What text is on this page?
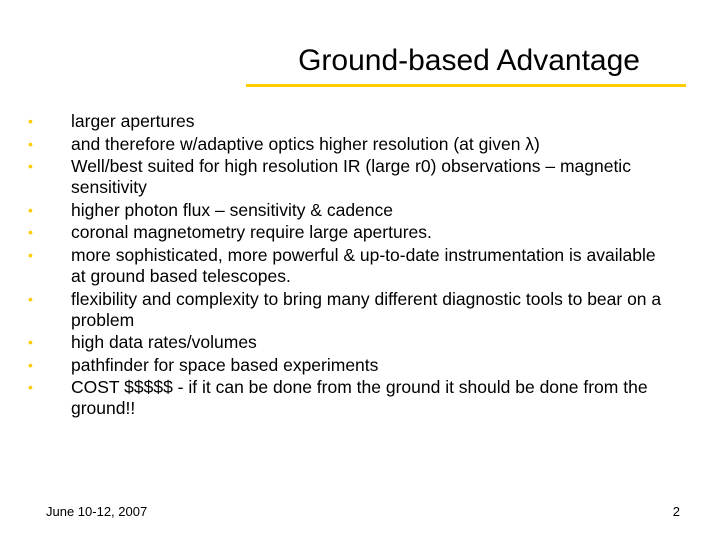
Ground-based Advantage
• larger apertures
• and therefore w/adaptive optics higher resolution (at given λ)
• Well/best suited for high resolution IR (large r0) observations – magnetic sensitivity
• higher photon flux – sensitivity & cadence
• coronal magnetometry require large apertures.
• more sophisticated, more powerful & up-to-date instrumentation is available at ground based telescopes.
• flexibility and complexity to bring many different diagnostic tools to bear on a problem
• high data rates/volumes
• pathfinder for space based experiments
• COST $$$$$ - if it can be done from the ground it should be done from the ground!!
June 10-12, 2007	2
